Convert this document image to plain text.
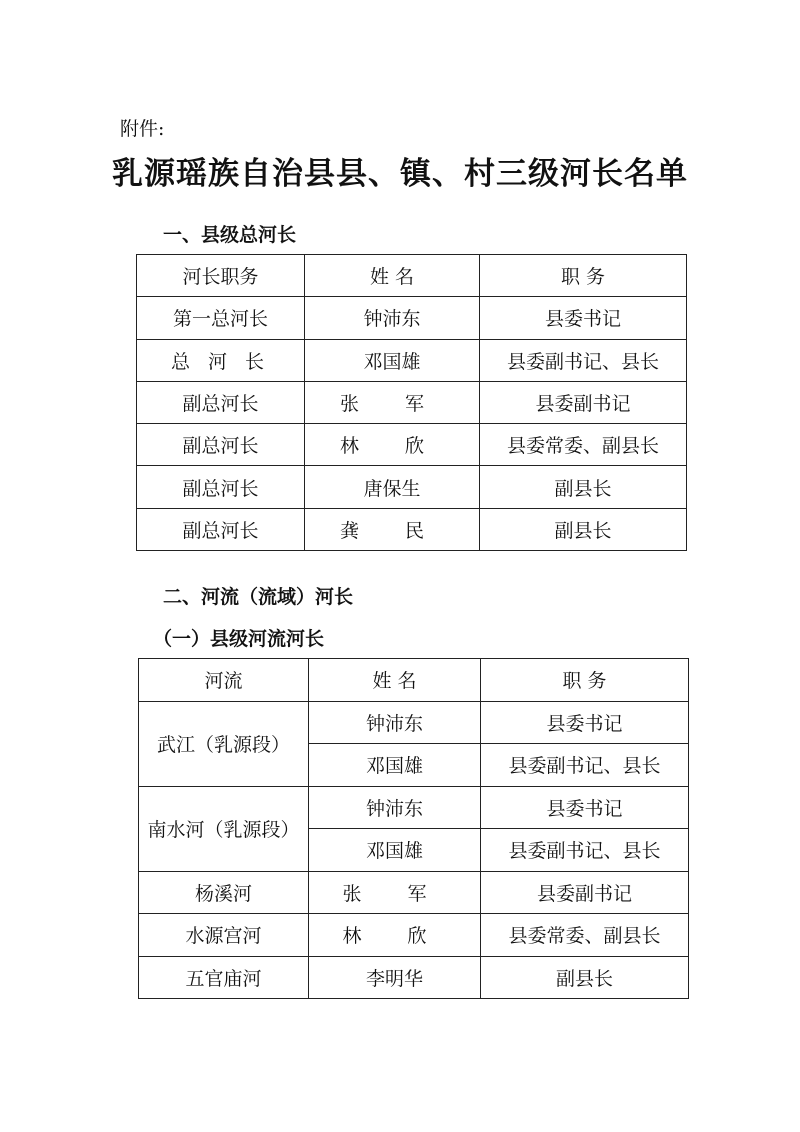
附件:
乳源瑶族自治县县、镇、村三级河长名单
一、县级总河长
河长职务	姓 名	职 务
第一总河长	钟沛东	县委书记
总 河 长	邓国雄	县委副书记、县长
副总河长	张 军	县委副书记
副总河长	林 欣	县委常委、副县长
副总河长	唐保生	副县长
副总河长	龚 民	副县长
二、河流（流域）河长
（一）县级河流河长
河流	姓 名	职 务
武江（乳源段）	钟沛东	县委书记
	邓国雄	县委副书记、县长
南水河（乳源段）	钟沛东	县委书记
	邓国雄	县委副书记、县长
杨溪河	张 军	县委副书记
水源宫河	林 欣	县委常委、副县长
五官庙河	李明华	副县长
